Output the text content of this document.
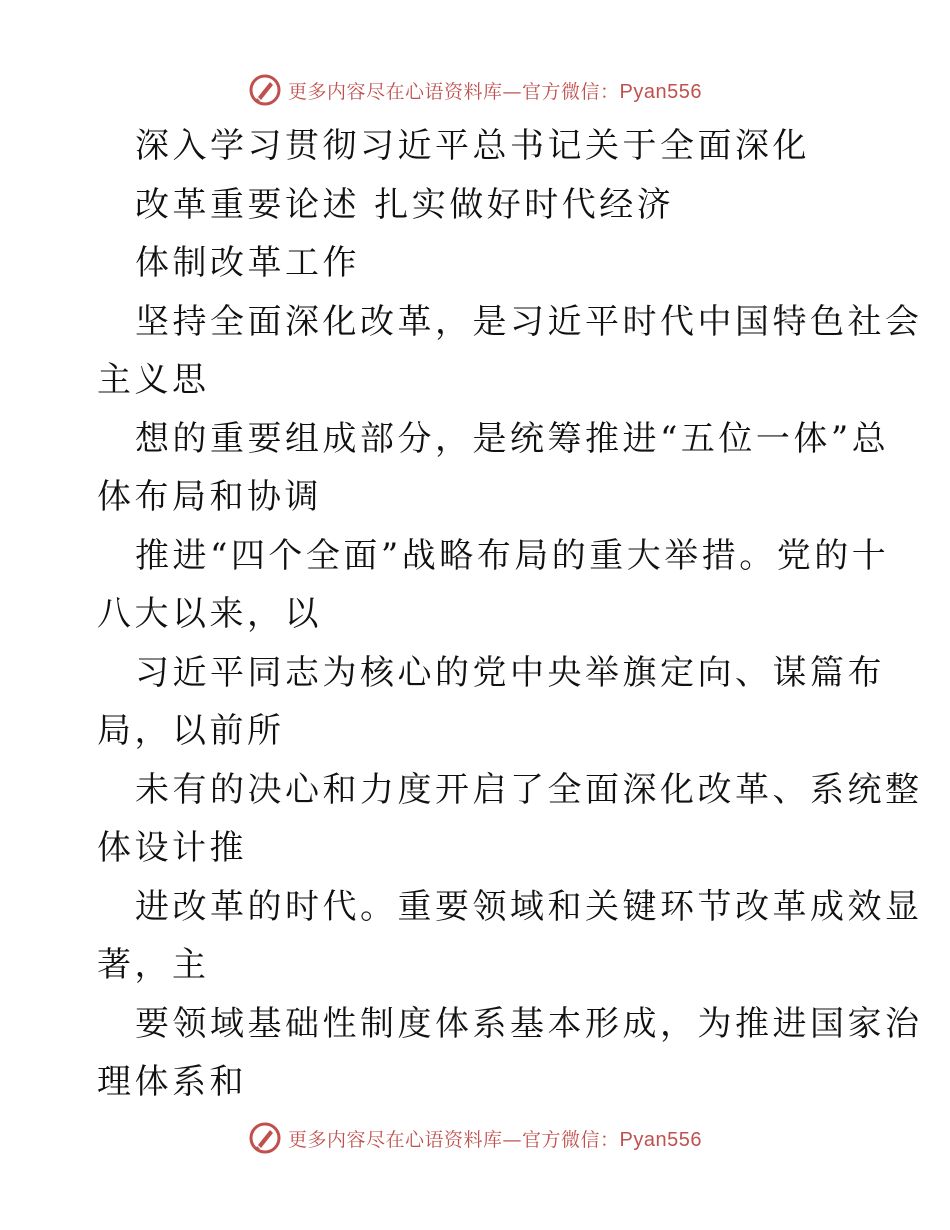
更多内容尽在心语资料库—官方微信：Pyan556
深入学习贯彻习近平总书记关于全面深化
改革重要论述 扎实做好时代经济
体制改革工作
坚持全面深化改革，是习近平时代中国特色社会
主义思
想的重要组成部分，是统筹推进“五位一体”总
体布局和协调
推进“四个全面”战略布局的重大举措。党的十
八大以来，以
习近平同志为核心的党中央举旗定向、谋篇布
局，以前所
未有的决心和力度开启了全面深化改革、系统整
体设计推
进改革的时代。重要领域和关键环节改革成效显
著，主
要领域基础性制度体系基本形成，为推进国家治
理体系和
更多内容尽在心语资料库—官方微信：Pyan556
